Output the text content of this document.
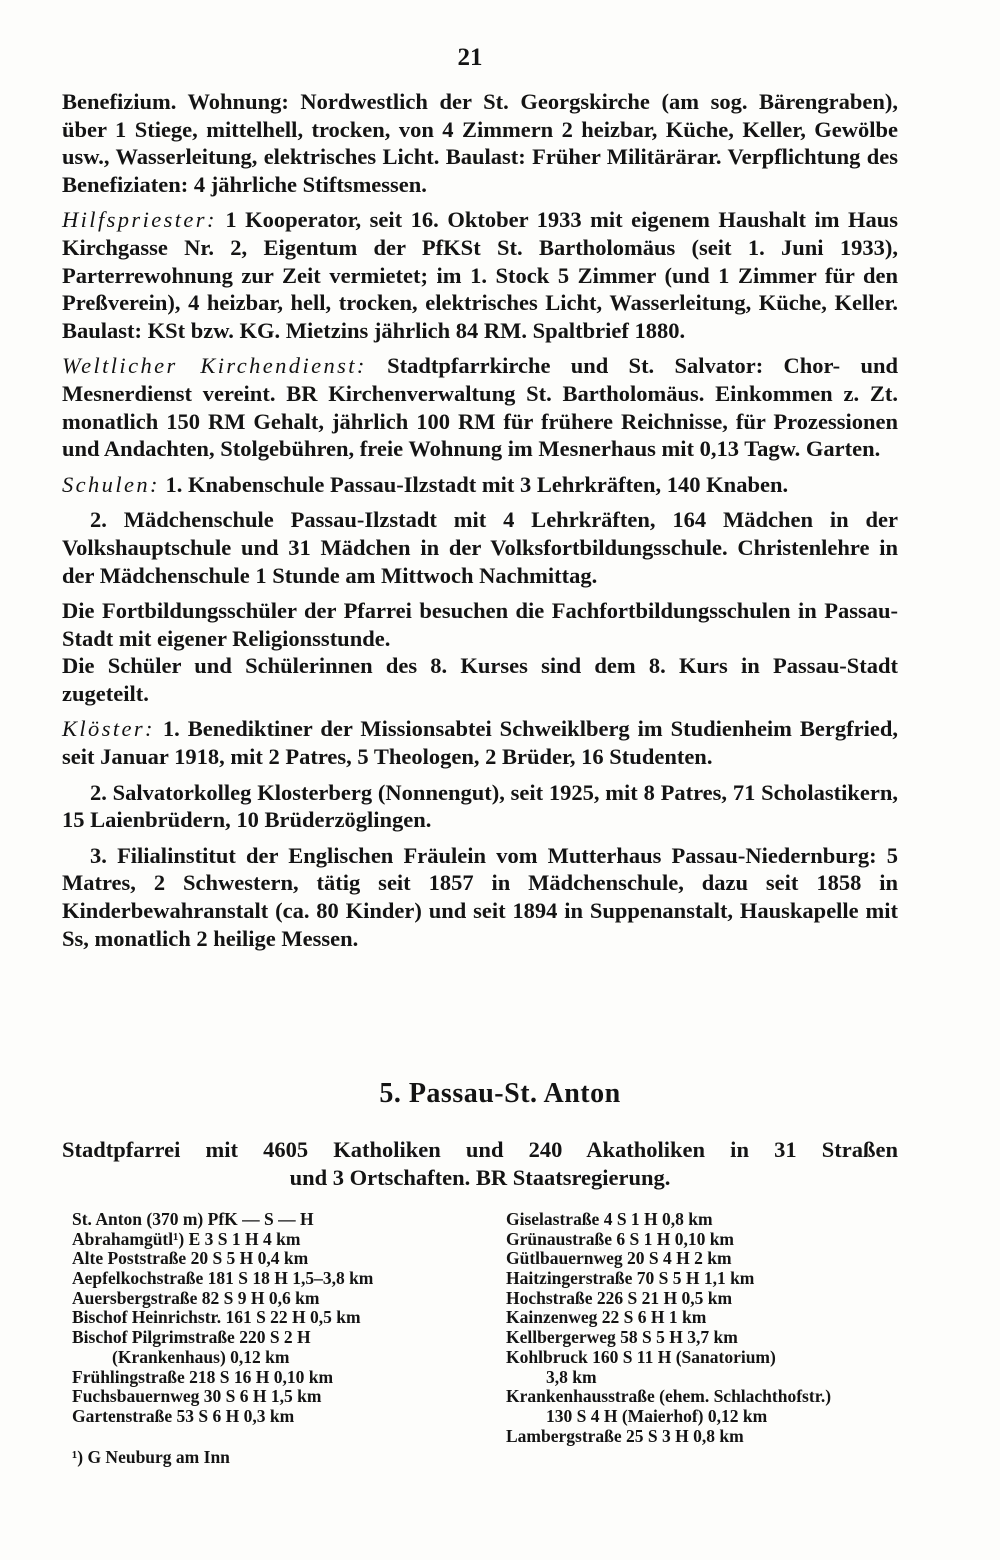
21

Benefizium. Wohnung: Nordwestlich der St. Georgskirche (am sog. Bärengraben), über 1 Stiege, mittelhell, trocken, von 4 Zimmern 2 heizbar, Küche, Keller, Gewölbe usw., Wasserleitung, elektrisches Licht. Baulast: Früher Militärärar. Verpflichtung des Benefiziaten: 4 jährliche Stiftsmessen.

Hilfspriester: 1 Kooperator, seit 16. Oktober 1933 mit eigenem Haushalt im Haus Kirchgasse Nr. 2, Eigentum der PfKSt St. Bartholomäus (seit 1. Juni 1933), Parterrewohnung zur Zeit vermietet; im 1. Stock 5 Zimmer (und 1 Zimmer für den Preßverein), 4 heizbar, hell, trocken, elektrisches Licht, Wasserleitung, Küche, Keller. Baulast: KSt bzw. KG. Mietzins jährlich 84 RM. Spaltbrief 1880.

Weltlicher Kirchendienst: Stadtpfarrkirche und St. Salvator: Chor- und Mesnerdienst vereint. BR Kirchenverwaltung St. Bartholomäus. Einkommen z. Zt. monatlich 150 RM Gehalt, jährlich 100 RM für frühere Reichnisse, für Prozessionen und Andachten, Stolgebühren, freie Wohnung im Mesnerhaus mit 0,13 Tagw. Garten.

Schulen: 1. Knabenschule Passau-Ilzstadt mit 3 Lehrkräften, 140 Knaben.

2. Mädchenschule Passau-Ilzstadt mit 4 Lehrkräften, 164 Mädchen in der Volkshauptschule und 31 Mädchen in der Volksfortbildungsschule. Christenlehre in der Mädchenschule 1 Stunde am Mittwoch Nachmittag.

Die Fortbildungsschüler der Pfarrei besuchen die Fachfortbildungsschulen in Passau-Stadt mit eigener Religionsstunde.

Die Schüler und Schülerinnen des 8. Kurses sind dem 8. Kurs in Passau-Stadt zugeteilt.

Klöster: 1. Benediktiner der Missionsabtei Schweiklberg im Studienheim Bergfried, seit Januar 1918, mit 2 Patres, 5 Theologen, 2 Brüder, 16 Studenten.

2. Salvatorkolleg Klosterberg (Nonnengut), seit 1925, mit 8 Patres, 71 Scholastikern, 15 Laienbrüdern, 10 Brüderzöglingen.

3. Filialinstitut der Englischen Fräulein vom Mutterhaus Passau-Niedernburg: 5 Matres, 2 Schwestern, tätig seit 1857 in Mädchenschule, dazu seit 1858 in Kinderbewahranstalt (ca. 80 Kinder) und seit 1894 in Suppenanstalt, Hauskapelle mit Ss, monatlich 2 heilige Messen.

5. Passau-St. Anton
Stadtpfarrei mit 4605 Katholiken und 240 Akatholiken in 31 Straßen
und 3 Ortschaften. BR Staatsregierung.
St. Anton (370 m) PfK — S — H
Abrahamgütl¹) E 3 S 1 H 4 km
Alte Poststraße 20 S 5 H 0,4 km
Aepfelkochstraße 181 S 18 H 1,5–3,8 km
Auersbergstraße 82 S 9 H 0,6 km
Bischof Heinrichstr. 161 S 22 H 0,5 km
Bischof Pilgrimstraße 220 S 2 H
(Krankenhaus) 0,12 km
Frühlingstraße 218 S 16 H 0,10 km
Fuchsbauernweg 30 S 6 H 1,5 km
Gartenstraße 53 S 6 H 0,3 km
Giselastraße 4 S 1 H 0,8 km
Grünaustraße 6 S 1 H 0,10 km
Gütlbauernweg 20 S 4 H 2 km
Haitzingerstraße 70 S 5 H 1,1 km
Hochstraße 226 S 21 H 0,5 km
Kainzenweg 22 S 6 H 1 km
Kellbergerweg 58 S 5 H 3,7 km
Kohlbruck 160 S 11 H (Sanatorium)
3,8 km
Krankenhausstraße (ehem. Schlachthofstr.)
130 S 4 H (Maierhof) 0,12 km
Lambergstraße 25 S 3 H 0,8 km
¹) G Neuburg am Inn
